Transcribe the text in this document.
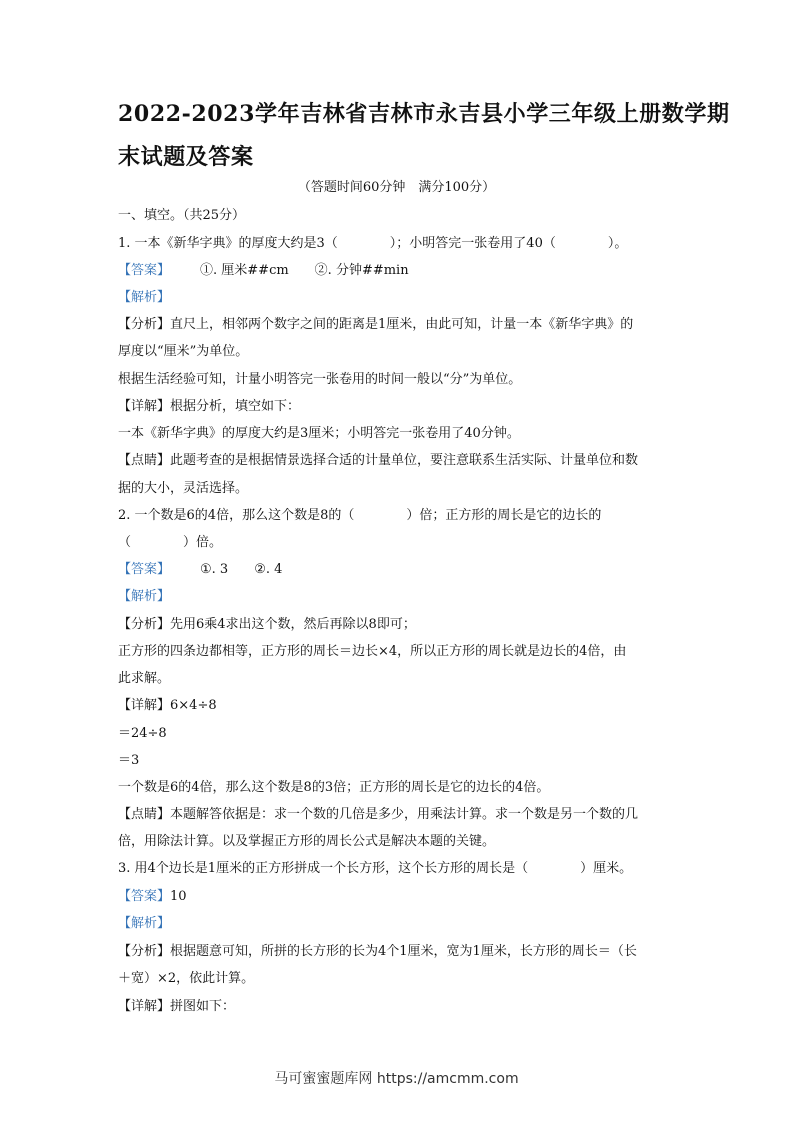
2022-2023学年吉林省吉林市永吉县小学三年级上册数学期
末试题及答案
（答题时间60分钟　满分100分）
一、填空。（共25分）
1. 一本《新华字典》的厚度大约是3（　　　　）；小明答完一张卷用了40（　　　　）。
【答案】 ①. 厘米##cm　　②. 分钟##min
【解析】
【分析】直尺上，相邻两个数字之间的距离是1厘米，由此可知，计量一本《新华字典》的
厚度以“厘米”为单位。
根据生活经验可知，计量小明答完一张卷用的时间一般以“分”为单位。
【详解】根据分析，填空如下：
一本《新华字典》的厚度大约是3厘米；小明答完一张卷用了40分钟。
【点睛】此题考查的是根据情景选择合适的计量单位，要注意联系生活实际、计量单位和数
据的大小，灵活选择。
2. 一个数是6的4倍，那么这个数是8的（　　　　）倍；正方形的周长是它的边长的
（　　　　）倍。
【答案】 ①. 3　　②. 4
【解析】
【分析】先用6乘4求出这个数，然后再除以8即可；
正方形的四条边都相等，正方形的周长＝边长×4，所以正方形的周长就是边长的4倍，由
此求解。
【详解】6×4÷8
＝24÷8
＝3
一个数是6的4倍，那么这个数是8的3倍；正方形的周长是它的边长的4倍。
【点睛】本题解答依据是：求一个数的几倍是多少，用乘法计算。求一个数是另一个数的几
倍，用除法计算。以及掌握正方形的周长公式是解决本题的关键。
3. 用4个边长是1厘米的正方形拼成一个长方形，这个长方形的周长是（　　　　）厘米。
【答案】10
【解析】
【分析】根据题意可知，所拼的长方形的长为4个1厘米，宽为1厘米，长方形的周长＝（长
＋宽）×2，依此计算。
【详解】拼图如下：
马可蜜蜜题库网 https://amcmm.com
